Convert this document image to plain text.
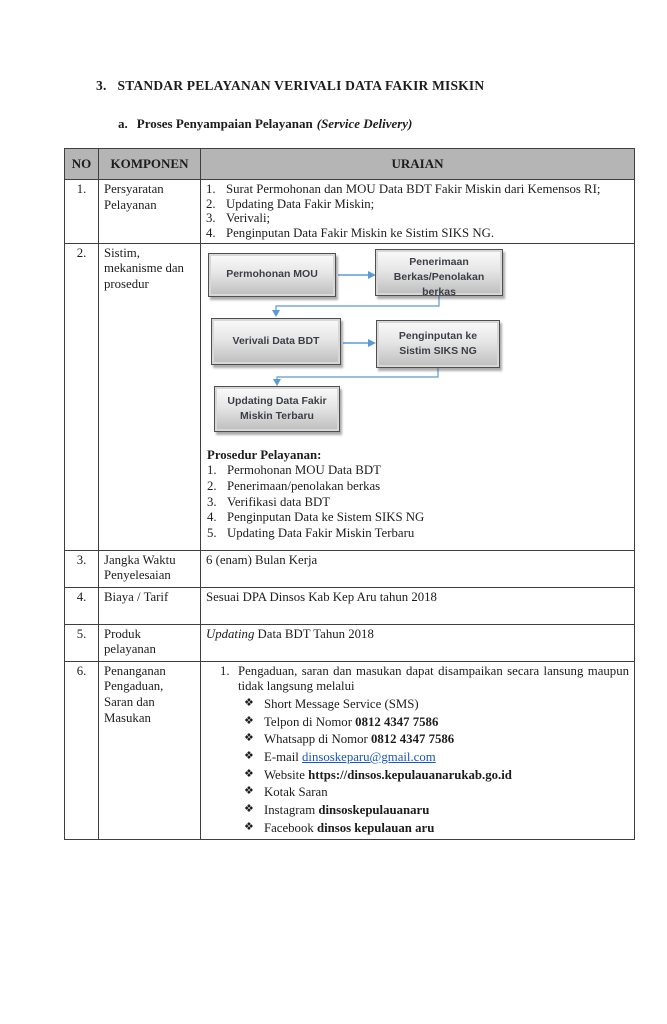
3. STANDAR PELAYANAN VERIVALI DATA FAKIR MISKIN
a. Proses Penyampaian Pelayanan (Service Delivery)
NO	KOMPONEN	URAIAN
1.	Persyaratan Pelayanan	
1. Surat Permohonan dan MOU Data BDT Fakir Miskin dari Kemensos RI;
2. Updating Data Fakir Miskin;
3. Verivali;
4. Penginputan Data Fakir Miskin ke Sistim SIKS NG.

2.	Sistim, mekanisme dan prosedur	
Permohonan MOU
Penerimaan Berkas/Penolakan berkas
Verivali Data BDT	Penginputan ke Sistim SIKS NG
Updating Data Fakir Miskin Terbaru
Prosedur Pelayanan:
1. Permohonan MOU Data BDT
2. Penerimaan/penolakan berkas
3. Verifikasi data BDT
4. Penginputan Data ke Sistem SIKS NG
5. Updating Data Fakir Miskin Terbaru

3.	Jangka Waktu Penyelesaian	6 (enam) Bulan Kerja
4.	Biaya / Tarif	Sesuai DPA Dinsos Kab Kep Aru tahun 2018
5.	Produk pelayanan	Updating Data BDT Tahun 2018
6.	Penanganan Pengaduan, Saran dan Masukan	
1. Pengaduan, saran dan masukan dapat disampaikan secara lansung maupun tidak langsung melalui
❖ Short Message Service (SMS)
❖ Telpon di Nomor 0812 4347 7586
❖ Whatsapp di Nomor 0812 4347 7586
❖ E-mail dinsoskeparu@gmail.com
❖ Website https://dinsos.kepulauanarukab.go.id
❖ Kotak Saran
❖ Instagram dinsoskepulauanaru
❖ Facebook dinsos kepulauan aru
